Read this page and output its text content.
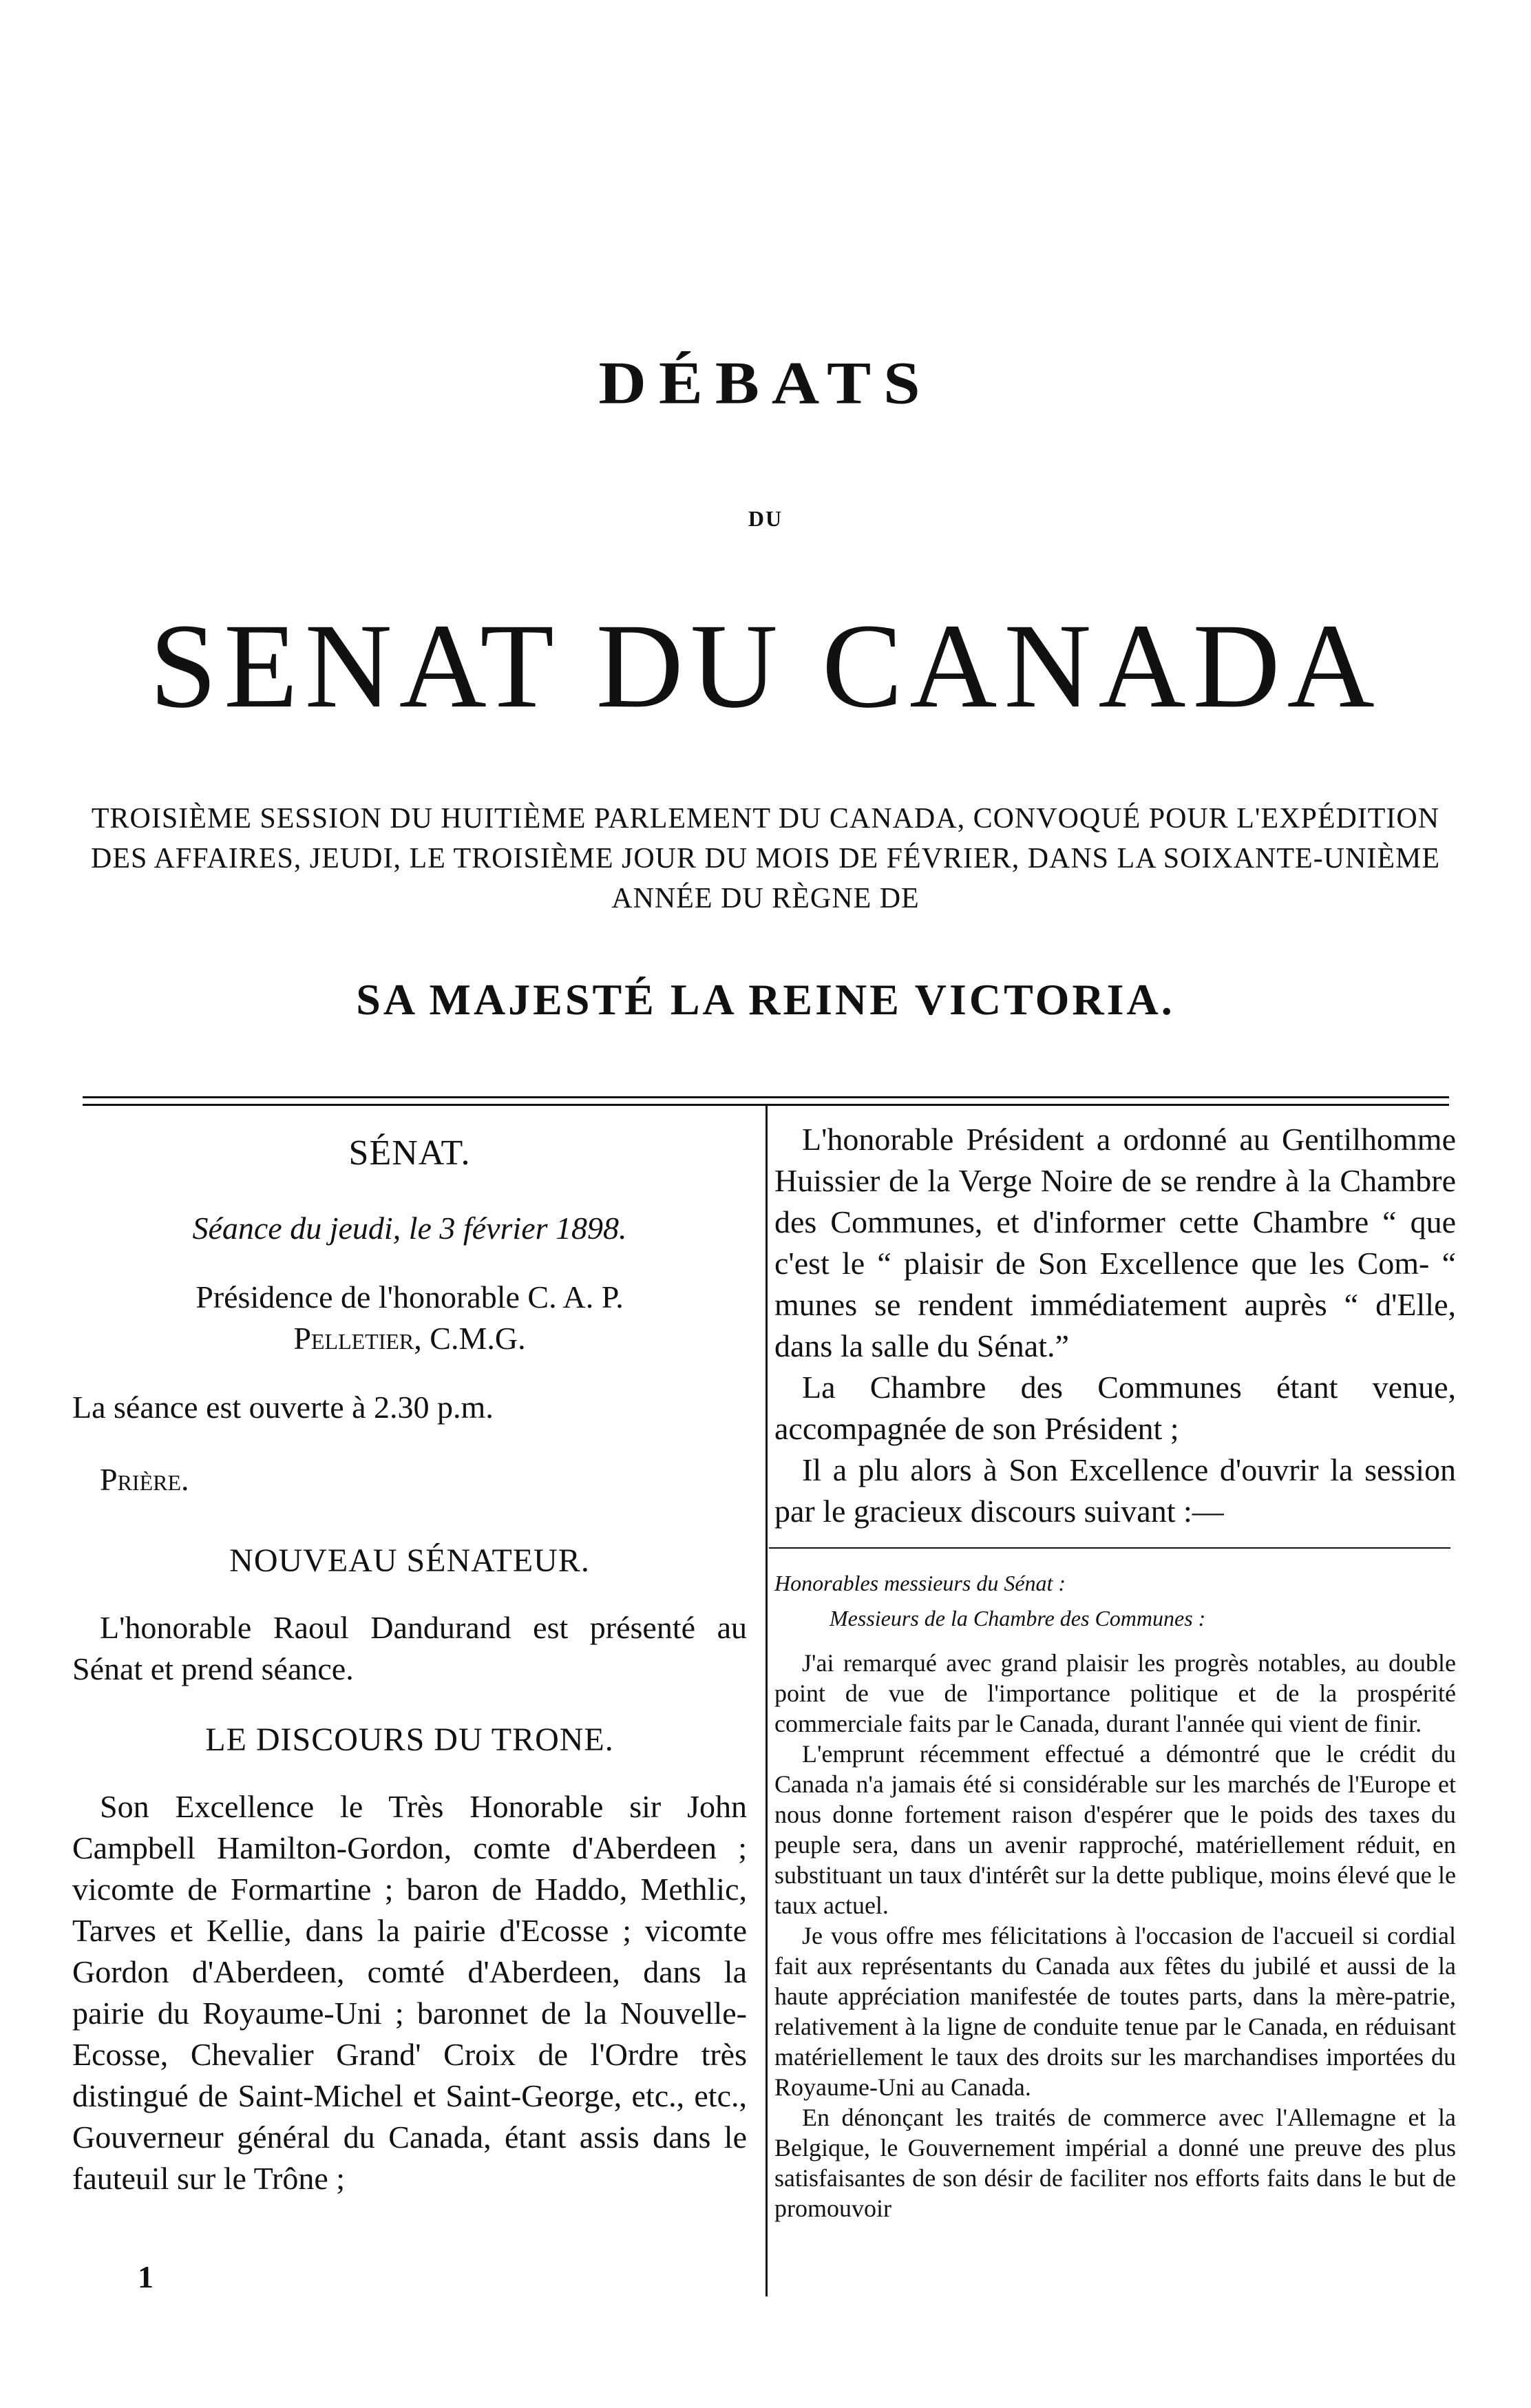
DÉBATS
DU
SENAT DU CANADA
TROISIÈME SESSION DU HUITIÈME PARLEMENT DU CANADA, CONVOQUÉ POUR L'EXPÉDITION DES AFFAIRES, JEUDI, LE TROISIÈME JOUR DU MOIS DE FÉVRIER, DANS LA SOIXANTE-UNIÈME ANNÉE DU RÈGNE DE
SA MAJESTÉ LA REINE VICTORIA.

SÉNAT.

Séance du jeudi, le 3 février 1898.

Présidence de l'honorable C. A. P.

Pelletier, C.M.G.

La séance est ouverte à 2.30 p.m.

Prière.

NOUVEAU SÉNATEUR.

L'honorable Raoul Dandurand est présenté au Sénat et prend séance.

LE DISCOURS DU TRONE.

Son Excellence le Très Honorable sir John Campbell Hamilton-Gordon, comte d'Aberdeen ; vicomte de Formartine ; baron de Haddo, Methlic, Tarves et Kellie, dans la pairie d'Ecosse ; vicomte Gordon d'Aberdeen, comté d'Aberdeen, dans la pairie du Royaume-Uni ; baronnet de la Nouvelle-Ecosse, Chevalier Grand' Croix de l'Ordre très distingué de Saint-Michel et Saint-George, etc., etc., Gouverneur général du Canada, étant assis dans le fauteuil sur le Trône ;

L'honorable Président a ordonné au Gentilhomme Huissier de la Verge Noire de se rendre à la Chambre des Communes, et d'informer cette Chambre “ que c'est le “ plaisir de Son Excellence que les Com- “ munes se rendent immédiatement auprès “ d'Elle, dans la salle du Sénat.”

La Chambre des Communes étant venue, accompagnée de son Président ;

Il a plu alors à Son Excellence d'ouvrir la session par le gracieux discours suivant :—

Honorables messieurs du Sénat :

Messieurs de la Chambre des Communes :

J'ai remarqué avec grand plaisir les progrès notables, au double point de vue de l'importance politique et de la prospérité commerciale faits par le Canada, durant l'année qui vient de finir.

L'emprunt récemment effectué a démontré que le crédit du Canada n'a jamais été si considérable sur les marchés de l'Europe et nous donne fortement raison d'espérer que le poids des taxes du peuple sera, dans un avenir rapproché, matériellement réduit, en substituant un taux d'intérêt sur la dette publique, moins élevé que le taux actuel.

Je vous offre mes félicitations à l'occasion de l'accueil si cordial fait aux représentants du Canada aux fêtes du jubilé et aussi de la haute appréciation manifestée de toutes parts, dans la mère-patrie, relativement à la ligne de conduite tenue par le Canada, en réduisant matériellement le taux des droits sur les marchandises importées du Royaume-Uni au Canada.

En dénonçant les traités de commerce avec l'Allemagne et la Belgique, le Gouvernement impérial a donné une preuve des plus satisfaisantes de son désir de faciliter nos efforts faits dans le but de promouvoir

1
